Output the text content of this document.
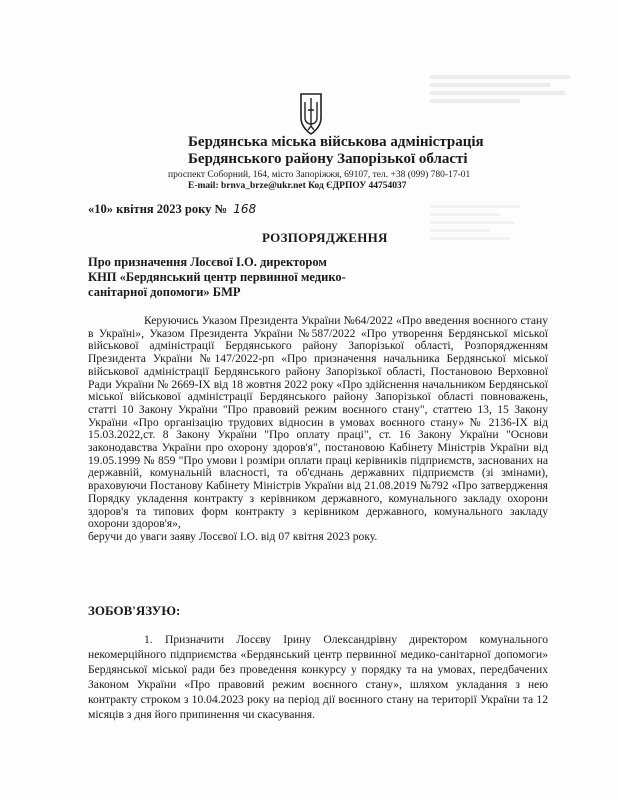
Бердянська міська військова адміністрація
Бердянського району Запорізької області
проспект Соборний, 164, місто Запоріжжя, 69107, тел. +38 (099) 780-17-01
E-mail: brnva_brze@ukr.net Код ЄДРПОУ 44754037
«10» квітня 2023 року № 168
РОЗПОРЯДЖЕННЯ
Про призначення Лосєвої І.О. директором КНП «Бердянський центр первинної медико-санітарної допомоги» БМР

Керуючись Указом Президента України №64/2022 «Про введення воєнного стану в Україні», Указом Президента України №587/2022 «Про утворення Бердянської міської військової адміністрації Бердянського району Запорізької області, Розпорядженням Президента України №147/2022-рп «Про призначення начальника Бердянської міської військової адміністрації Бердянського району Запорізької області, Постановою Верховної Ради України № 2669-IX від 18 жовтня 2022 року «Про здійснення начальником Бердянської міської військової адміністрації Бердянського району Запорізької області повноважень, статті 10 Закону України "Про правовий режим воєнного стану", статтею 13, 15 Закону України «Про організацію трудових відносин в умовах воєнного стану» № 2136-IX від 15.03.2022,ст. 8 Закону України "Про оплату праці", ст. 16 Закону України "Основи законодавства України про охорону здоров'я", постановою Кабінету Міністрів України від 19.05.1999 № 859 "Про умови і розміри оплати праці керівників підприємств, заснованих на державній, комунальній власності, та об'єднань державних підприємств (зі змінами), враховуючи Постанову Кабінету Міністрів України від 21.08.2019 №792 «Про затвердження Порядку укладення контракту з керівником державного, комунального закладу охорони здоров'я та типових форм контракту з керівником державного, комунального закладу охорони здоров'я»,

беручи до уваги заяву Лосєвої І.О. від 07 квітня 2023 року.
ЗОБОВ'ЯЗУЮ:
1. Призначити Лосєву Ірину Олександрівну директором комунального некомерційного підприємства «Бердянський центр первинної медико-санітарної допомоги» Бердянської міської ради без проведення конкурсу у порядку та на умовах, передбачених Законом України «Про правовий режим воєнного стану», шляхом укладання з нею контракту строком з 10.04.2023 року на період дії воєнного стану на території України та 12 місяців з дня його припинення чи скасування.
